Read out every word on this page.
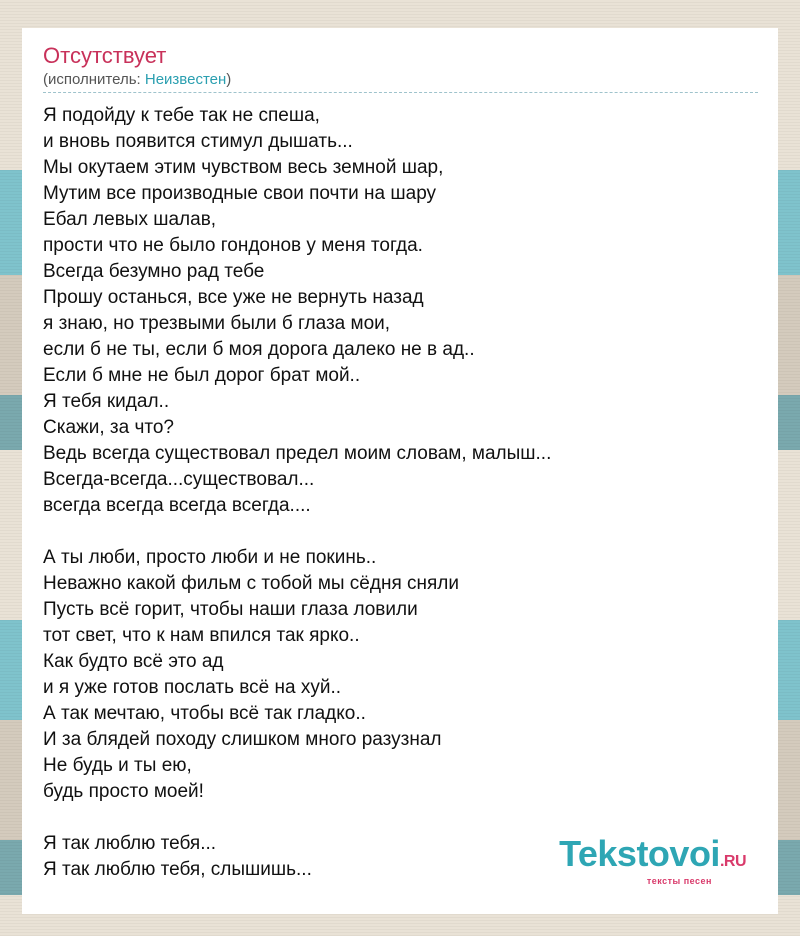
Отсутствует
(исполнитель: Неизвестен)
Я подойду к тебе так не спеша,
и вновь появится стимул дышать...
Мы окутаем этим чувством весь земной шар,
Мутим все производные свои почти на шару
Ебал левых шалав,
прости что не было гондонов у меня тогда.
Всегда безумно рад тебе
Прошу останься, все уже не вернуть назад
я знаю, но трезвыми были б глаза мои,
если б не ты, если б моя дорога далеко не в ад..
Если б мне не был дорог брат мой..
Я тебя кидал..
Скажи, за что?
Ведь всегда существовал предел моим словам, малыш...
Всегда-всегда...существовал...
всегда всегда всегда всегда....
А ты люби, просто люби и не покинь..
Неважно какой фильм с тобой мы сёдня сняли
Пусть всё горит, чтобы наши глаза ловили
тот свет, что к нам впился так ярко..
Как будто всё это ад
и я уже готов послать всё на хуй..
А так мечтаю, чтобы всё так гладко..
И за блядей походу слишком много разузнал
Не будь и ты ею,
будь просто моей!
Я так люблю тебя...
Я так люблю тебя, слышишь...	Tekstovoi.RU
тексты песен
